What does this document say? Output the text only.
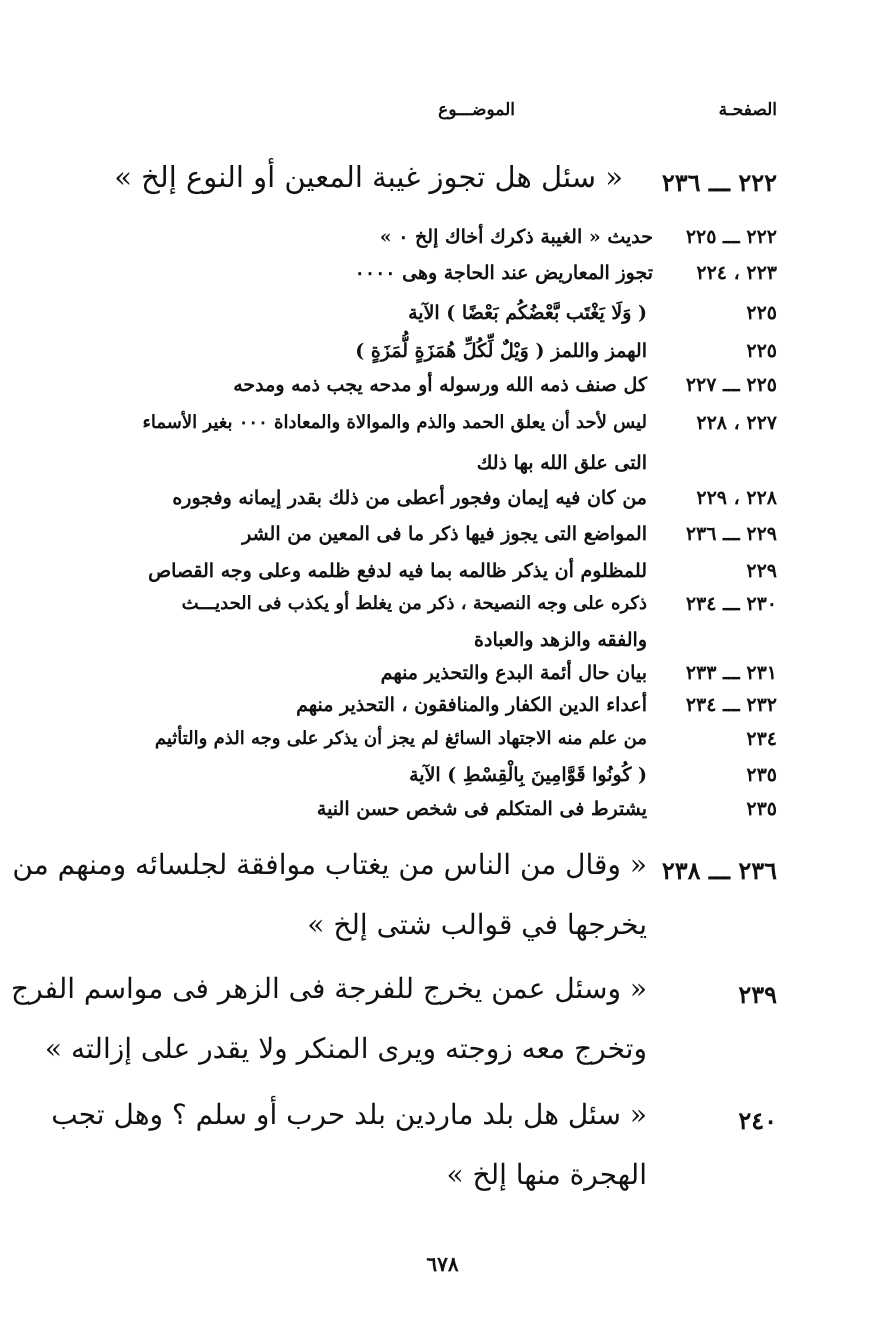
الصفحـة
الموضـــوع
٢٢٢ ـــ ٢٣٦
« سئل هل تجوز غيبة المعين أو النوع إلخ »
٢٢٢ ـــ ٢٢٥
حديث « الغيبة ذكرك أخاك إلخ ٠ »
٢٢٣ ، ٢٢٤
تجوز المعاريض عند الحاجة وهى ٠٠٠٠
٢٢٥
( وَلَا يَغْتَب بَّعْضُكُم بَعْضًا ) الآية
٢٢٥
الهمز واللمز ( وَيْلٌ لِّكُلِّ هُمَزَةٍ لُّمَزَةٍ )
٢٢٥ ـــ ٢٢٧
كل صنف ذمه الله ورسوله أو مدحه يجب ذمه ومدحه
٢٢٧ ، ٢٢٨
ليس لأحد أن يعلق الحمد والذم والموالاة والمعاداة ٠٠٠ بغير الأسماء
التى علق الله بها ذلك
٢٢٨ ، ٢٢٩
من كان فيه إيمان وفجور أعطى من ذلك بقدر إيمانه وفجوره
٢٢٩ ـــ ٢٣٦
المواضع التى يجوز فيها ذكر ما فى المعين من الشر
٢٢٩
للمظلوم أن يذكر ظالمه بما فيه لدفع ظلمه وعلى وجه القصاص
٢٣٠ ـــ ٢٣٤
ذكره على وجه النصيحة ، ذكر من يغلط أو يكذب فى الحديـــث
والفقه والزهد والعبادة
٢٣١ ـــ ٢٣٣
بيان حال أئمة البدع والتحذير منهم
٢٣٢ ـــ ٢٣٤
أعداء الدين الكفار والمنافقون ، التحذير منهم
٢٣٤
من علم منه الاجتهاد السائغ لم يجز أن يذكر على وجه الذم والتأثيم
٢٣٥
( كُونُوا قَوَّامِينَ بِالْقِسْطِ ) الآية
٢٣٥
يشترط فى المتكلم فى شخص حسن النية
٢٣٦ ـــ ٢٣٨
« وقال من الناس من يغتاب موافقة لجلسائه ومنهم من
يخرجها في قوالب شتى إلخ »
٢٣٩
« وسئل عمن يخرج للفرجة فى الزهر فى مواسم الفرج
وتخرج معه زوجته ويرى المنكر ولا يقدر على إزالته »
٢٤٠
« سئل هل بلد ماردين بلد حرب أو سلم ؟ وهل تجب
الهجرة منها إلخ »
٦٧٨
